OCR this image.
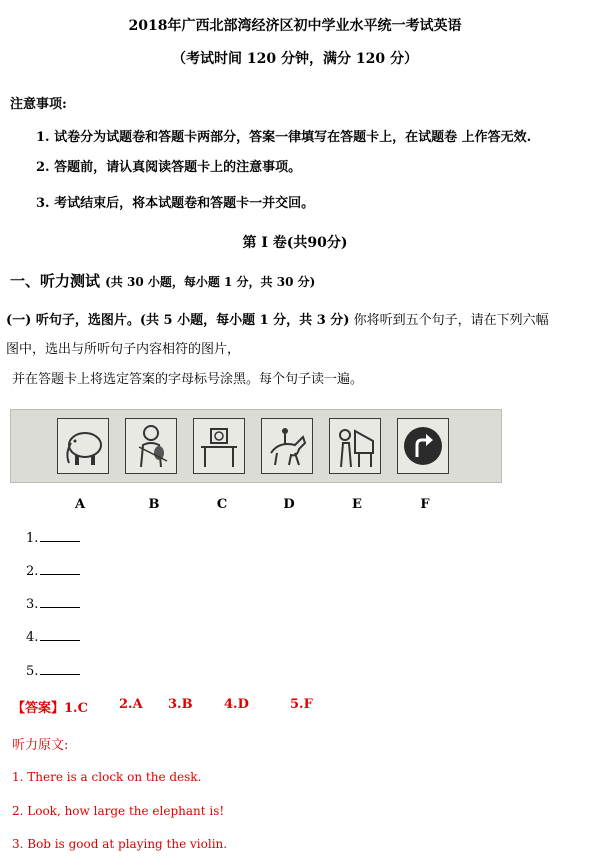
2018年广西北部湾经济区初中学业水平统一考试英语
（考试时间 120 分钟，满分 120 分）
注意事项:
1. 试卷分为试题卷和答题卡两部分，答案一律填写在答题卡上，在试题卷 上作答无效.
2. 答题前，请认真阅读答题卡上的注意事项。
3. 考试结束后，将本试题卷和答题卡一并交回。
第 I 卷(共90分)
一、听力测试 (共 30 小题，每小题 1 分，共 30 分)
(一) 听句子，选图片。(共 5 小题，每小题 1 分，共 3 分) 你将听到五个句子，请在下列六幅
图中，选出与所听句子内容相符的图片，
并在答题卡上将选定答案的字母标号涂黑。每个句子读一遍。
A	B	C	D	E	F
1.
2.
3.
4.
5.
【答案】1.C 2.A 3.B 4.D	5.F
听力原文:
1. There is a clock on the desk.
2. Look, how large the elephant is!
3. Bob is good at playing the violin.
